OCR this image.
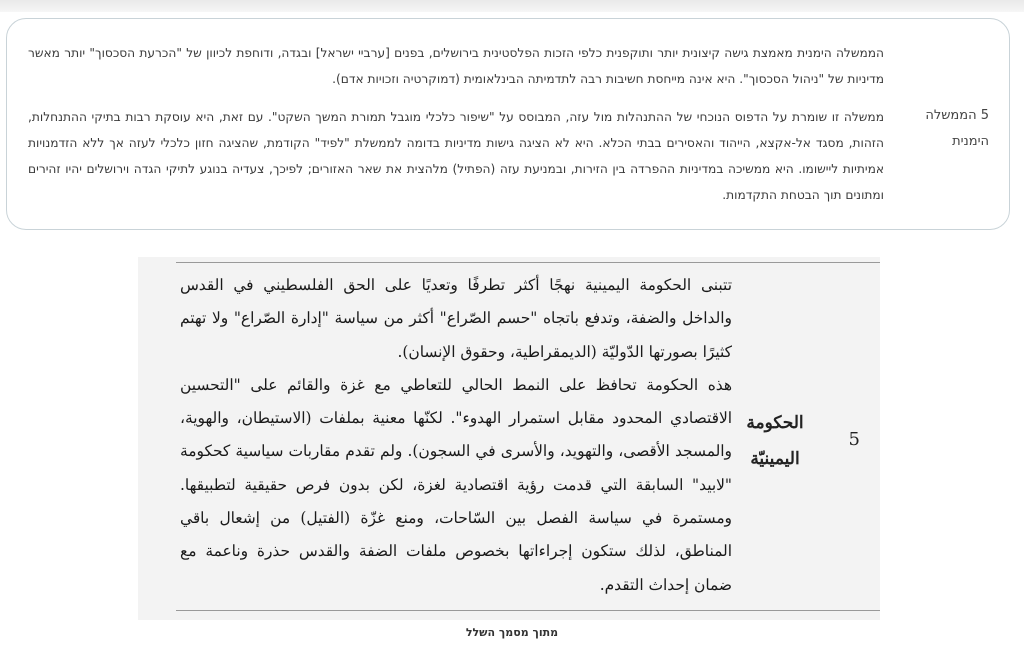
5 הממשלה הימנית

הממשלה הימנית מאמצת גישה קיצונית יותר ותוקפנית כלפי הזכות הפלסטינית בירושלים, בפנים [ערביי ישראל] ובגדה, ודוחפת לכיוון של "הכרעת הסכסוך" יותר מאשר מדיניות של "ניהול הסכסוך". היא אינה מייחסת חשיבות רבה לתדמיתה הבינלאומית (דמוקרטיה וזכויות אדם).

ממשלה זו שומרת על הדפוס הנוכחי של ההתנהלות מול עזה, המבוסס על "שיפור כלכלי מוגבל תמורת המשך השקט". עם זאת, היא עוסקת רבות בתיקי ההתנחלות, הזהות, מסגד אל-אקצא, הייהוד והאסירים בבתי הכלא. היא לא הציגה גישות מדיניות בדומה לממשלת "לפיד" הקודמת, שהציגה חזון כלכלי לעזה אך ללא הזדמנויות אמיתיות ליישומו. היא ממשיכה במדיניות ההפרדה בין הזירות, ובמניעת עזה (הפתיל) מלהצית את שאר האזורים; לפיכך, צעדיה בנוגע לתיקי הגדה וירושלים יהיו זהירים ומתונים תוך הבטחת התקדמות.

5
الحكومة
اليمينيّة

تتبنى الحكومة اليمينية نهجًا أكثر تطرفًا وتعديًا على الحق الفلسطيني في القدس والداخل والضفة، وتدفع باتجاه "حسم الصّراع" أكثر من سياسة "إدارة الصّراع" ولا تهتم كثيرًا بصورتها الدّوليّة (الديمقراطية، وحقوق الإنسان).

هذه الحكومة تحافظ على النمط الحالي للتعاطي مع غزة والقائم على "التحسين الاقتصادي المحدود مقابل استمرار الهدوء". لكنّها معنية بملفات (الاستيطان، والهوية، والمسجد الأقصى، والتهويد، والأسرى في السجون). ولم تقدم مقاربات سياسية كحكومة "لابيد" السابقة التي قدمت رؤية اقتصادية لغزة، لكن بدون فرص حقيقية لتطبيقها. ومستمرة في سياسة الفصل بين السّاحات، ومنع غزّة (الفتيل) من إشعال باقي المناطق، لذلك ستكون إجراءاتها بخصوص ملفات الضفة والقدس حذرة وناعمة مع ضمان إحداث التقدم.

מתוך מסמך השלל
